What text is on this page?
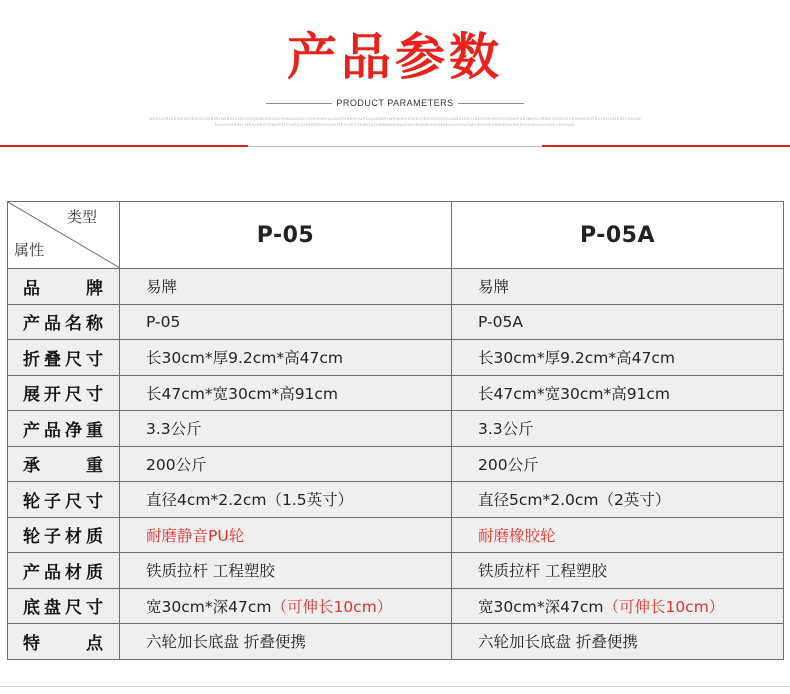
产品参数
PRODUCT PARAMETERS
NSDIUIRIDENSIRCENIUONSIROWSINVUEISEQDMIONVEERNSUIRDIVIOVSINVUIOURNSNVIIUPOUDEMRIWRNINVSNIEVIRDVUSVOUIUNSISEVIRDOVEIROVONSVPSEIMOVORBDVDOVOVENIRDEVISVIROUNSIRTOUVN
NODIUNRSICNRVUIEOIVNVSTIVIUSODNSORDOIDVRTIEVUEVSEMOIUVRBMDNRVIOIDVRSMEVIONIRDIUOIDVOMVRSIUEOBEIDNVNSSOOIROUVONSVEIOUIE
类型
属性	P-05	P-05A
品牌	易牌	易牌
产品名称	P-05	P-05A
折叠尺寸	长30cm*厚9.2cm*高47cm	长30cm*厚9.2cm*高47cm
展开尺寸	长47cm*宽30cm*高91cm	长47cm*宽30cm*高91cm
产品净重	3.3公斤	3.3公斤
承重	200公斤	200公斤
轮子尺寸	直径4cm*2.2cm（1.5英寸）	直径5cm*2.0cm（2英寸）
轮子材质	耐磨静音PU轮	耐磨橡胶轮
产品材质	铁质拉杆 工程塑胶	铁质拉杆 工程塑胶
底盘尺寸	宽30cm*深47cm（可伸长10cm）	宽30cm*深47cm（可伸长10cm）
特点	六轮加长底盘 折叠便携	六轮加长底盘 折叠便携
